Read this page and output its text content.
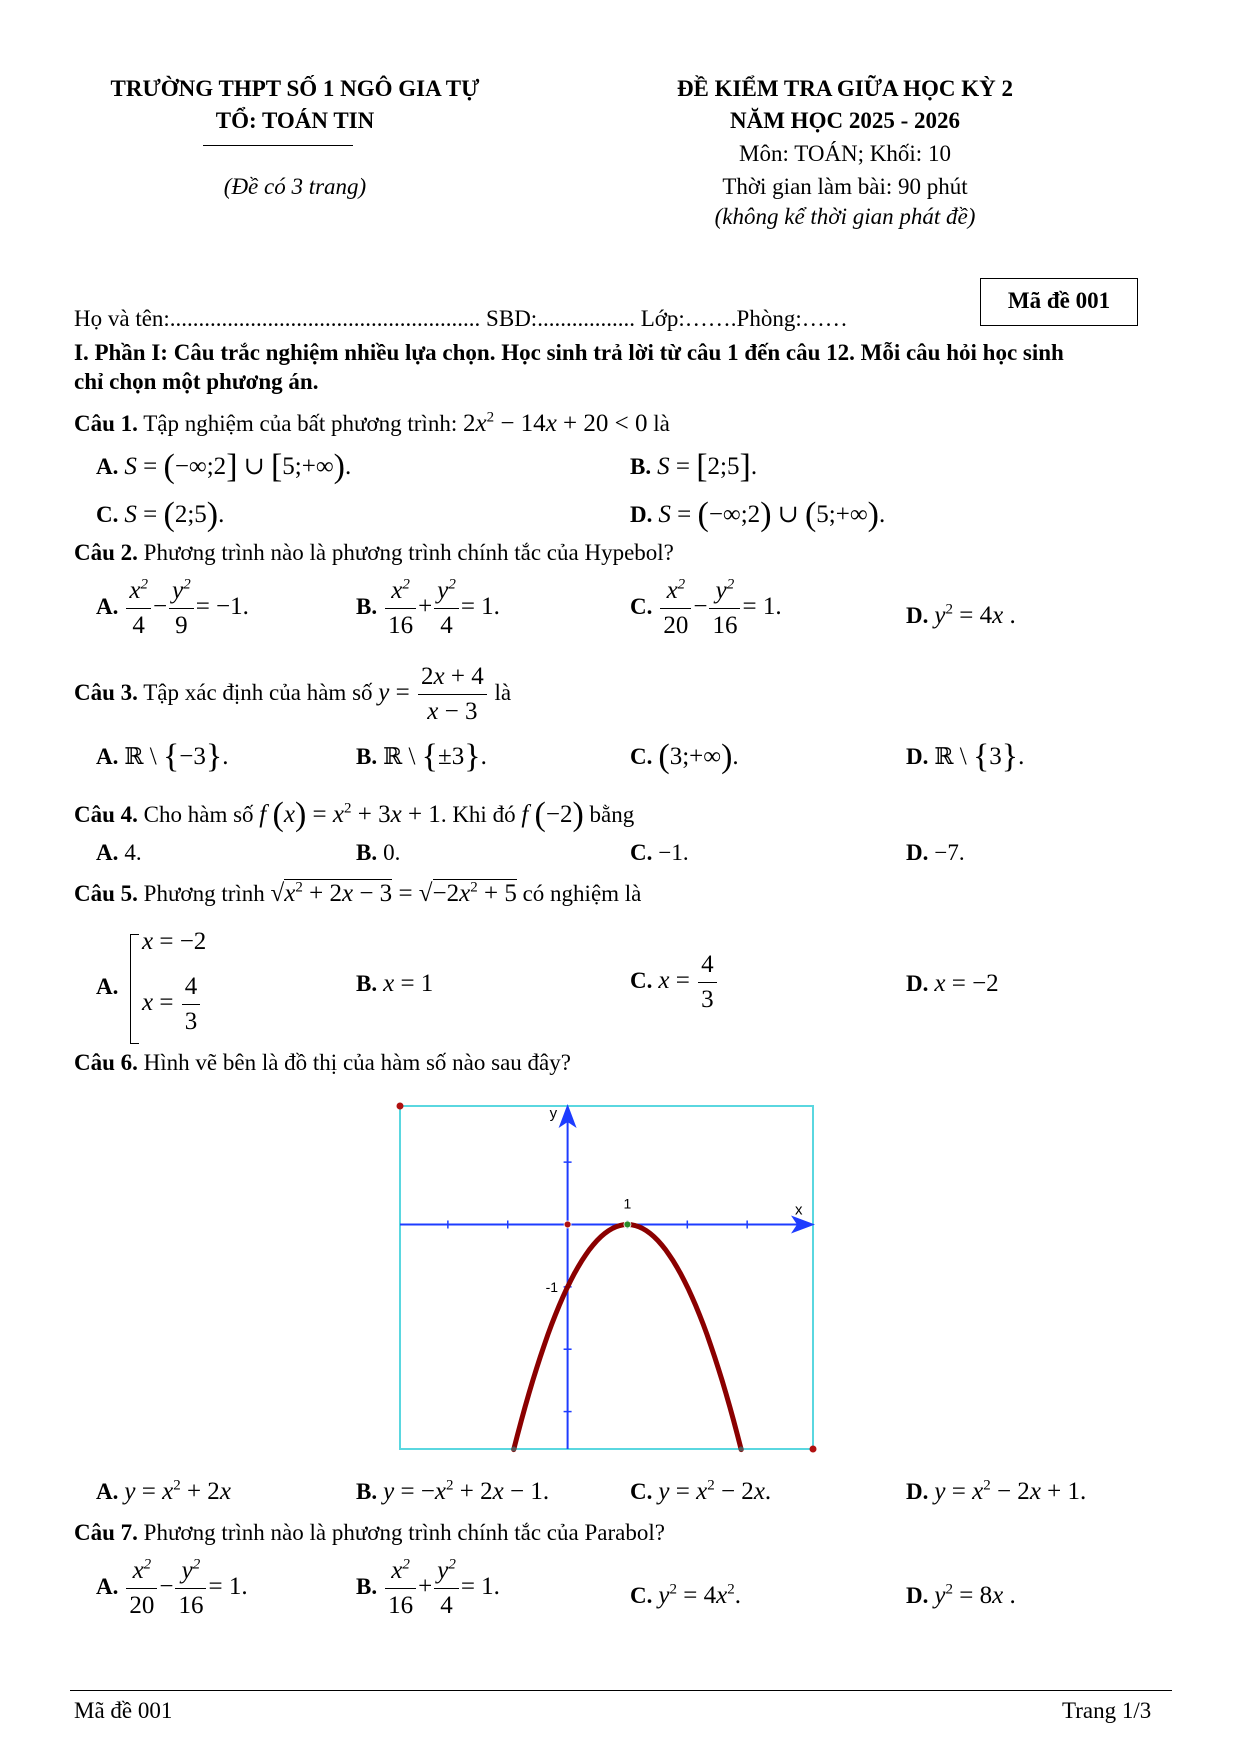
TRƯỜNG THPT SỐ 1 NGÔ GIA TỰ
TỔ: TOÁN TIN
(Đề có 3 trang)
ĐỀ KIỂM TRA GIỮA HỌC KỲ 2
NĂM HỌC 2025 - 2026
Môn: TOÁN; Khối: 10
Thời gian làm bài: 90 phút
(không kể thời gian phát đề)
Mã đề 001
Họ và tên:...................................................... SBD:................. Lớp:…….Phòng:……
I. Phần I: Câu trắc nghiệm nhiều lựa chọn. Học sinh trả lời từ câu 1 đến câu 12. Mỗi câu hỏi học sinh
chỉ chọn một phương án.
Câu 1. Tập nghiệm của bất phương trình: $2x^2 - 14x + 20 < 0$ là
A. S = (−∞;2] ∪ [5;+∞).	B. S = [2;5].
C. S = (2;5).	D. S = (−∞;2) ∪ (5;+∞).
Câu 2. Phương trình nào là phương trình chính tắc của Hypebol?
A. $\frac{x^2}{4} - \frac{y^2}{9} = -1$.	B. $\frac{x^2}{16} + \frac{y^2}{4} = 1$.	C. $\frac{x^2}{20} - \frac{y^2}{16} = 1$.	D. $y^2 = 4x$ .
Câu 3. Tập xác định của hàm số $y = \frac{2x + 4}{x - 3}$ là
A. ℝ \ {−3}.	B. ℝ \ {±3}.	C. (3;+∞).	D. ℝ \ {3}.
Câu 4. Cho hàm số f $(x) = x^2 + 3x + 1$. Khi đó f (−2) bằng
A. 4.	B. 0.	C. −1.	D. −7.
Câu 5. Phương trình $√x^2 + 2x - 3 = √-2x^2 + 5$ có nghiệm là
A.
x = −2
$x = \frac{4}{3}$	B. x = 1	C. $x = \frac{4}{3}$	D. x = −2
Câu 6. Hình vẽ bên là đồ thị của hàm số nào sau đây?
y
x
1
-1
A. $y = x^2 + 2x$	B. $y = -x^2 + 2x - 1$.	C. $y = x^2 - 2x$.	D. $y = x^2 - 2x + 1$.
Câu 7. Phương trình nào là phương trình chính tắc của Parabol?
A. $\frac{x^2}{20} - \frac{y^2}{16} = 1$.	B. $\frac{x^2}{16} + \frac{y^2}{4} = 1$.	C. $y^2 = 4x^2$.	D. $y^2 = 8x$ .
Mã đề 001	Trang 1/3
